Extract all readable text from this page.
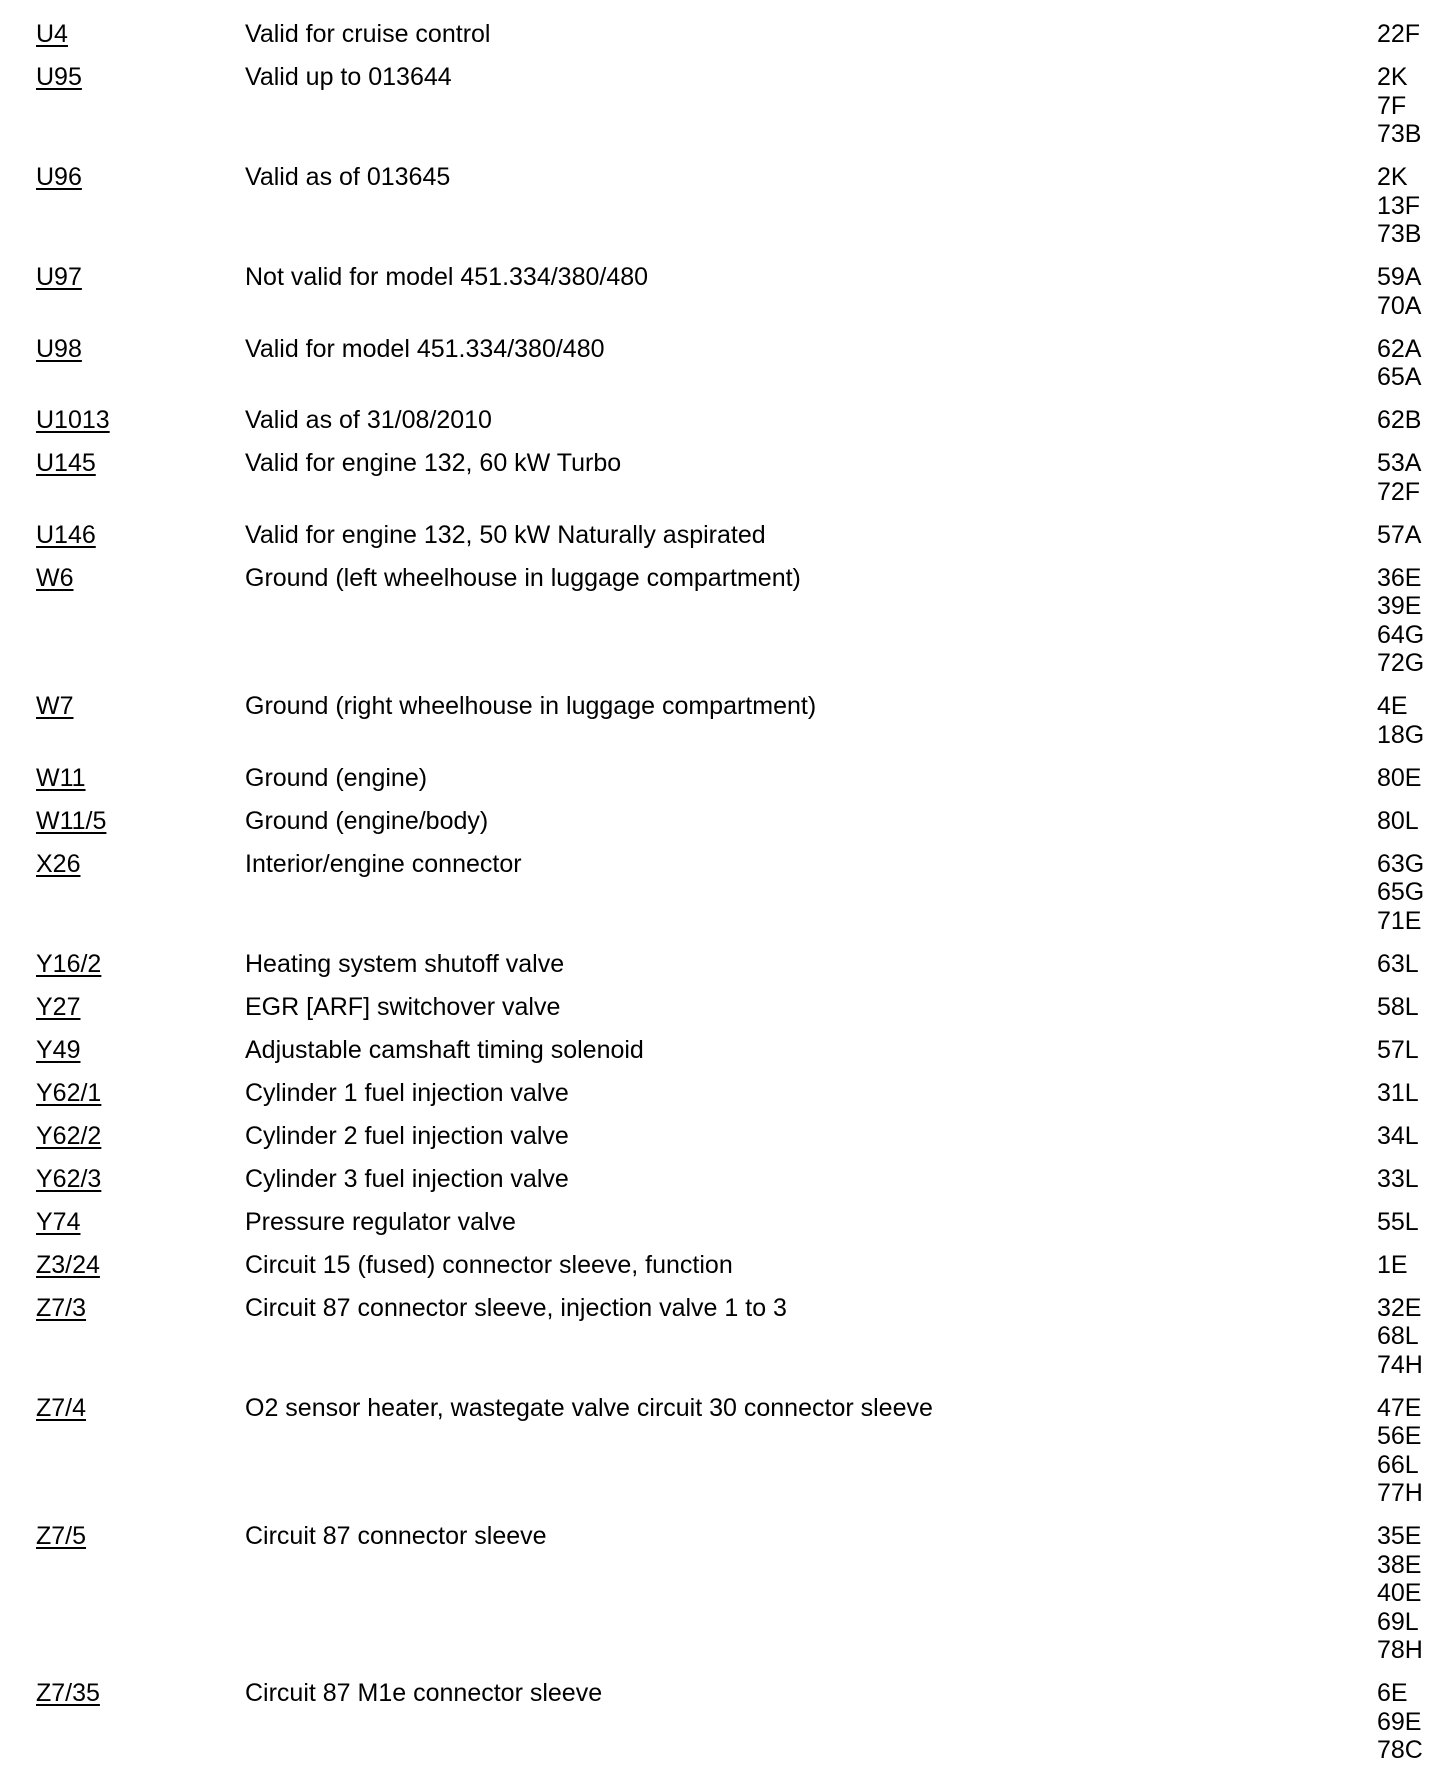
U4	Valid for cruise control	22F
U95	Valid up to 013644	2K
7F
73B
U96	Valid as of 013645	2K
13F
73B
U97	Not valid for model 451.334/380/480	59A
70A
U98	Valid for model 451.334/380/480	62A
65A
U1013	Valid as of 31/08/2010	62B
U145	Valid for engine 132, 60 kW Turbo	53A
72F
U146	Valid for engine 132, 50 kW Naturally aspirated	57A
W6	Ground (left wheelhouse in luggage compartment)	36E
39E
64G
72G
W7	Ground (right wheelhouse in luggage compartment)	4E
18G
W11	Ground (engine)	80E
W11/5	Ground (engine/body)	80L
X26	Interior/engine connector	63G
65G
71E
Y16/2	Heating system shutoff valve	63L
Y27	EGR [ARF] switchover valve	58L
Y49	Adjustable camshaft timing solenoid	57L
Y62/1	Cylinder 1 fuel injection valve	31L
Y62/2	Cylinder 2 fuel injection valve	34L
Y62/3	Cylinder 3 fuel injection valve	33L
Y74	Pressure regulator valve	55L
Z3/24	Circuit 15 (fused) connector sleeve, function	1E
Z7/3	Circuit 87 connector sleeve, injection valve 1 to 3	32E
68L
74H
Z7/4	O2 sensor heater, wastegate valve circuit 30 connector sleeve	47E
56E
66L
77H
Z7/5	Circuit 87 connector sleeve	35E
38E
40E
69L
78H
Z7/35	Circuit 87 M1e connector sleeve	6E
69E
78C
